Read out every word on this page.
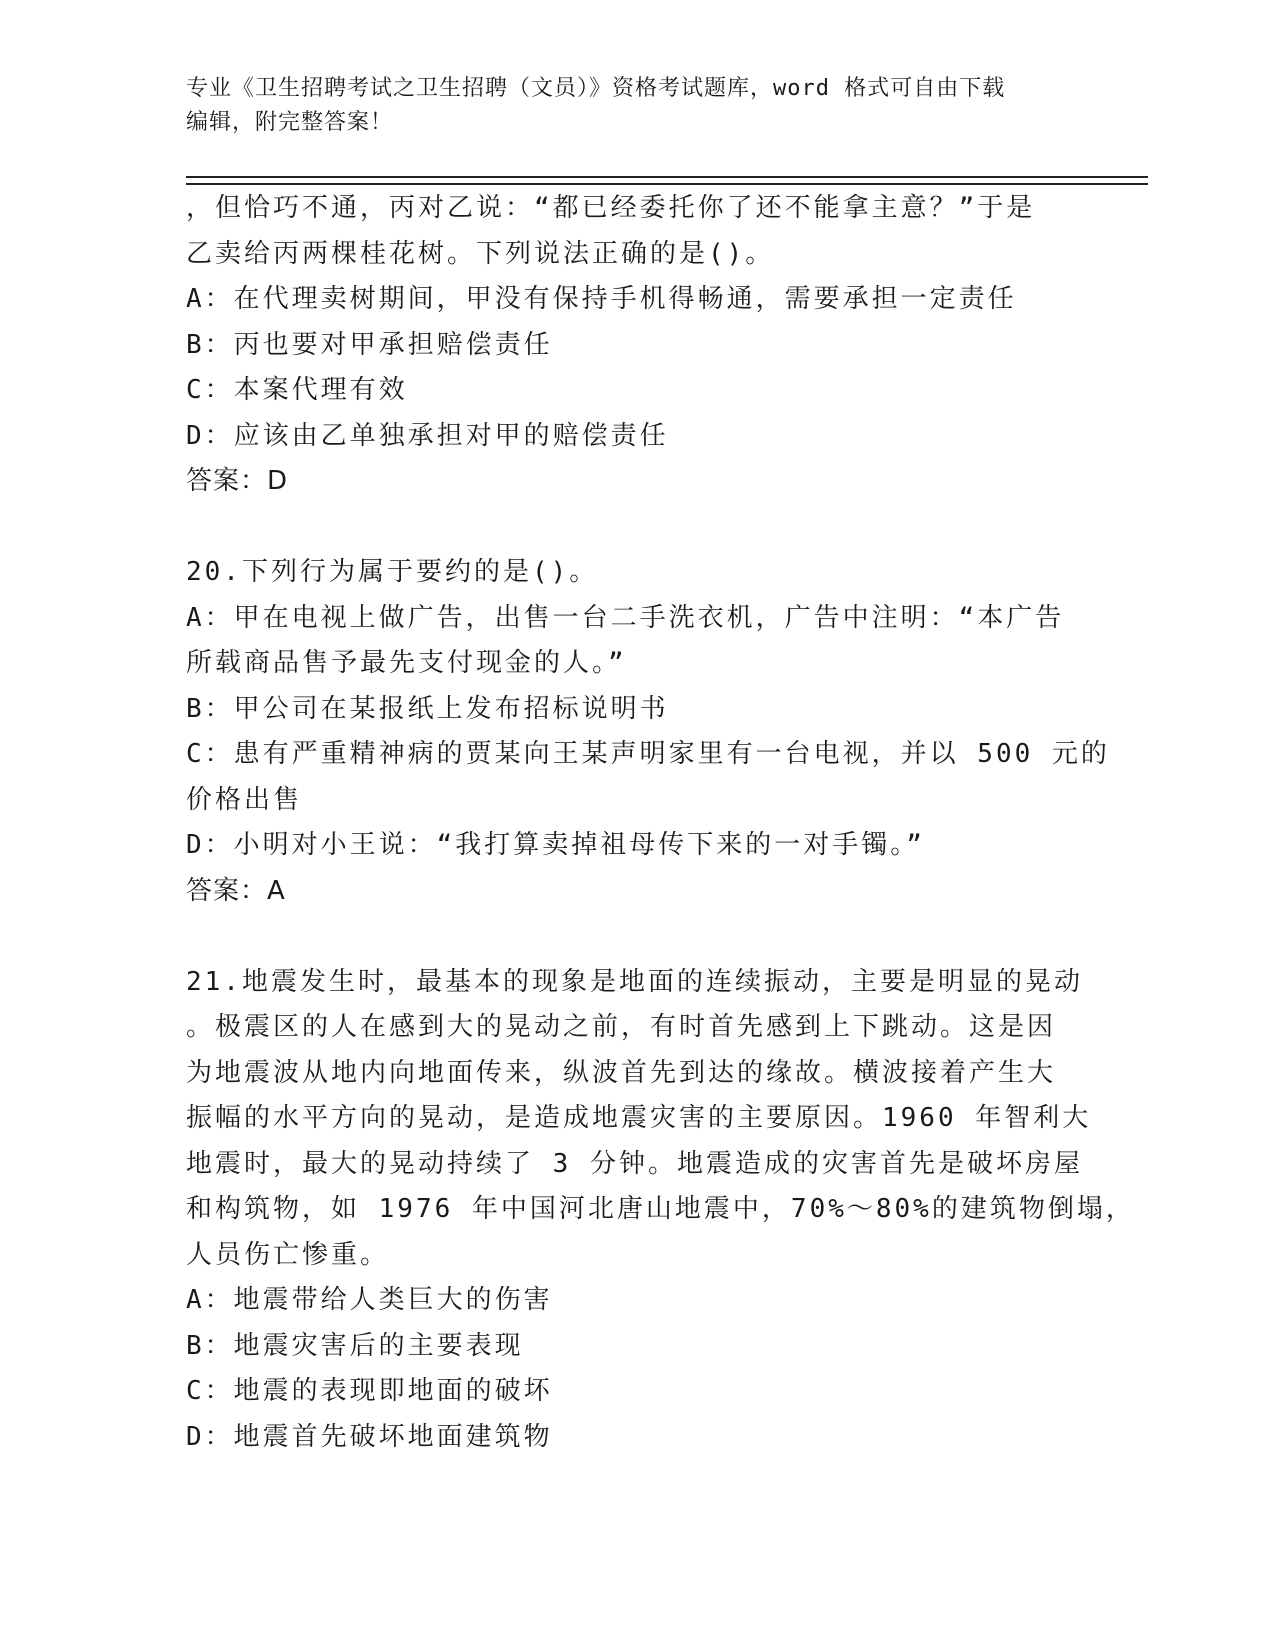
专业《卫生招聘考试之卫生招聘（文员）》资格考试题库，word 格式可自由下载
编辑，附完整答案！
，但恰巧不通，丙对乙说：“都已经委托你了还不能拿主意？”于是
乙卖给丙两棵桂花树。下列说法正确的是()。
A：在代理卖树期间，甲没有保持手机得畅通，需要承担一定责任
B：丙也要对甲承担赔偿责任
C：本案代理有效
D：应该由乙单独承担对甲的赔偿责任
答案：D
20.下列行为属于要约的是()。
A：甲在电视上做广告，出售一台二手洗衣机，广告中注明：“本广告
所载商品售予最先支付现金的人。”
B：甲公司在某报纸上发布招标说明书
C：患有严重精神病的贾某向王某声明家里有一台电视，并以 500 元的
价格出售
D：小明对小王说：“我打算卖掉祖母传下来的一对手镯。”
答案：A
21.地震发生时，最基本的现象是地面的连续振动，主要是明显的晃动
。极震区的人在感到大的晃动之前，有时首先感到上下跳动。这是因
为地震波从地内向地面传来，纵波首先到达的缘故。横波接着产生大
振幅的水平方向的晃动，是造成地震灾害的主要原因。1960 年智利大
地震时，最大的晃动持续了 3 分钟。地震造成的灾害首先是破坏房屋
和构筑物，如 1976 年中国河北唐山地震中，70%～80%的建筑物倒塌，
人员伤亡惨重。
A：地震带给人类巨大的伤害
B：地震灾害后的主要表现
C：地震的表现即地面的破坏
D：地震首先破坏地面建筑物
